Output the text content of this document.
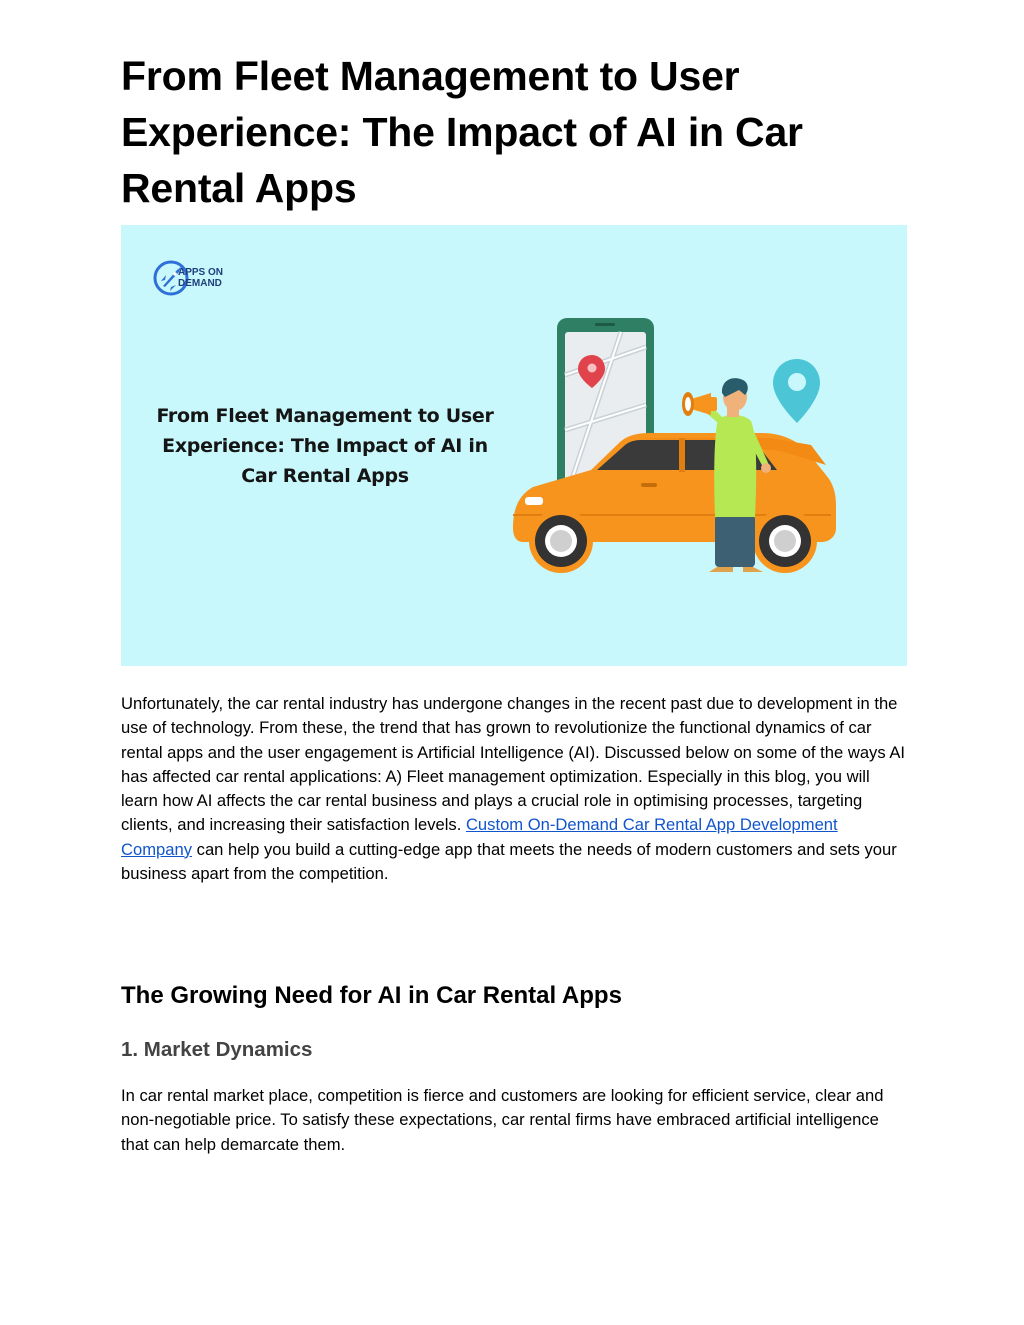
From Fleet Management to User Experience: The Impact of AI in Car Rental Apps
APPS ON
DEMAND
From Fleet Management to User
Experience: The Impact of AI in
Car Rental Apps

Unfortunately, the car rental industry has undergone changes in the recent past due to development in the use of technology. From these, the trend that has grown to revolutionize the functional dynamics of car rental apps and the user engagement is Artificial Intelligence (AI). Discussed below on some of the ways AI has affected car rental applications: A) Fleet management optimization. Especially in this blog, you will learn how AI affects the car rental business and plays a crucial role in optimising processes, targeting clients, and increasing their satisfaction levels. Custom On-Demand Car Rental App Development Company can help you build a cutting-edge app that meets the needs of modern customers and sets your business apart from the competition.

The Growing Need for AI in Car Rental Apps
1. Market Dynamics

In car rental market place, competition is fierce and customers are looking for efficient service, clear and non-negotiable price. To satisfy these expectations, car rental firms have embraced artificial intelligence that can help demarcate them.
